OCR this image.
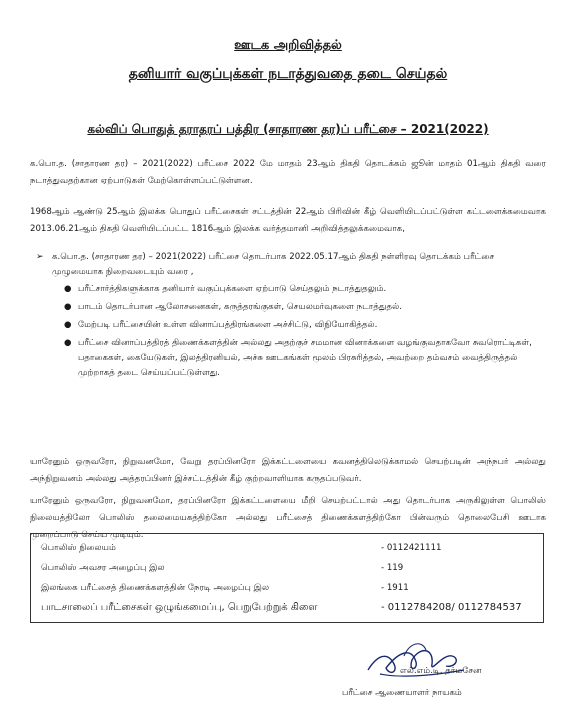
ஊடக அறிவித்தல்
தனியார் வகுப்புக்கள் நடாத்துவதை தடை செய்தல்
கல்விப் பொதுத் தராதரப் பத்திர (சாதாரண தர)ப் பரீட்சை – 2021(2022)
க.பொ.த. (சாதாரண தர) – 2021(2022) பரீட்சை 2022 மே மாதம் 23ஆம் திகதி தொடக்கம் ஜூன் மாதம் 01ஆம் திகதி வரை நடாத்துவதற்கான ஏற்பாடுகள் மேற்கொள்ளப்பட்டுள்ளன.
1968ஆம் ஆண்டு 25ஆம் இலக்க பொதுப் பரீட்சைகள் சட்டத்தின் 22ஆம் பிரிவின் கீழ் வெளியிடப்பட்டுள்ள கட்டளைக்கமைவாக 2013.06.21ஆம் திகதி வெளியிடப்பட்ட 1816ஆம் இலக்க வர்த்தமானி அறிவித்தலுக்கமைவாக,
➢ க.பொ.த. (சாதாரண தர) – 2021(2022) பரீட்சை தொடர்பாக 2022.05.17ஆம் திகதி நள்ளிரவு தொடக்கம் பரீட்சை முழுமையாக நிறைவடையும் வரை ,
● பரீட்சார்த்திகளுக்காக தனியார் வகுப்புக்களை ஏற்பாடு செய்தலும் நடாத்துதலும்.
● பாடம் தொடர்பான ஆலோசனைகள், கருத்தரங்குகள், செயலமர்வுகளை நடாத்துதல்.
● மேற்படி பரீட்சையின் உள்ள வினாப்பத்திரங்களை அச்சிட்டு, விநியோகித்தல்.
● பரீட்சை வினாப்பத்திரத் திணைக்களத்தின் அல்லது அதற்குச் சமமான வினாக்களை வழங்குவதாகவோ சுவரொட்டிகள், பதாகைகள், கையேடுகள், இலத்திரனியல், அச்சு ஊடகங்கள் மூலம் பிரசுரித்தல், அவற்றை தம்வசம் வைத்திருத்தல் முற்றாகத் தடை செய்யப்பட்டுள்ளது.
யாரேனும் ஒருவரோ, நிறுவனமோ, வேறு தரப்பினரோ இக்கட்டளையை கவனத்திலெடுக்காமல் செயற்படின் அந்நபர் அல்லது அந்நிறுவனம் அல்லது அத்தரப்பினர் இச்சட்டத்தின் கீழ் குற்றவாளியாக கருதப்படுவர்.
யாரேனும் ஒருவரோ, நிறுவனமோ, தரப்பினரோ இக்கட்டளையை மீறி செயற்பட்டால் அது தொடர்பாக அருகிலுள்ள பொலிஸ் நிலையத்திலோ பொலிஸ் தலைமையகத்திற்கோ அல்லது பரீட்சைத் திணைக்களத்திற்கோ பின்வரும் தொலைபேசி ஊடாக முறைப்பாடு செய்ய முடியும்.
பொலிஸ் நிலையம்	- 0112421111
பொலிஸ் அவசர அழைப்பு இல	- 119
இலங்கை பரீட்சைத் திணைக்களத்தின் நேரடி அழைப்பு இல	- 1911
பாடசாலைப் பரீட்சைகள் ஒழுங்கமைப்பு, பெறுபேற்றுக் கிளை	- 0112784208/ 0112784537
எல்.எம்.டி. தர்மசேன
பரீட்சை ஆணையாளர் நாயகம்
